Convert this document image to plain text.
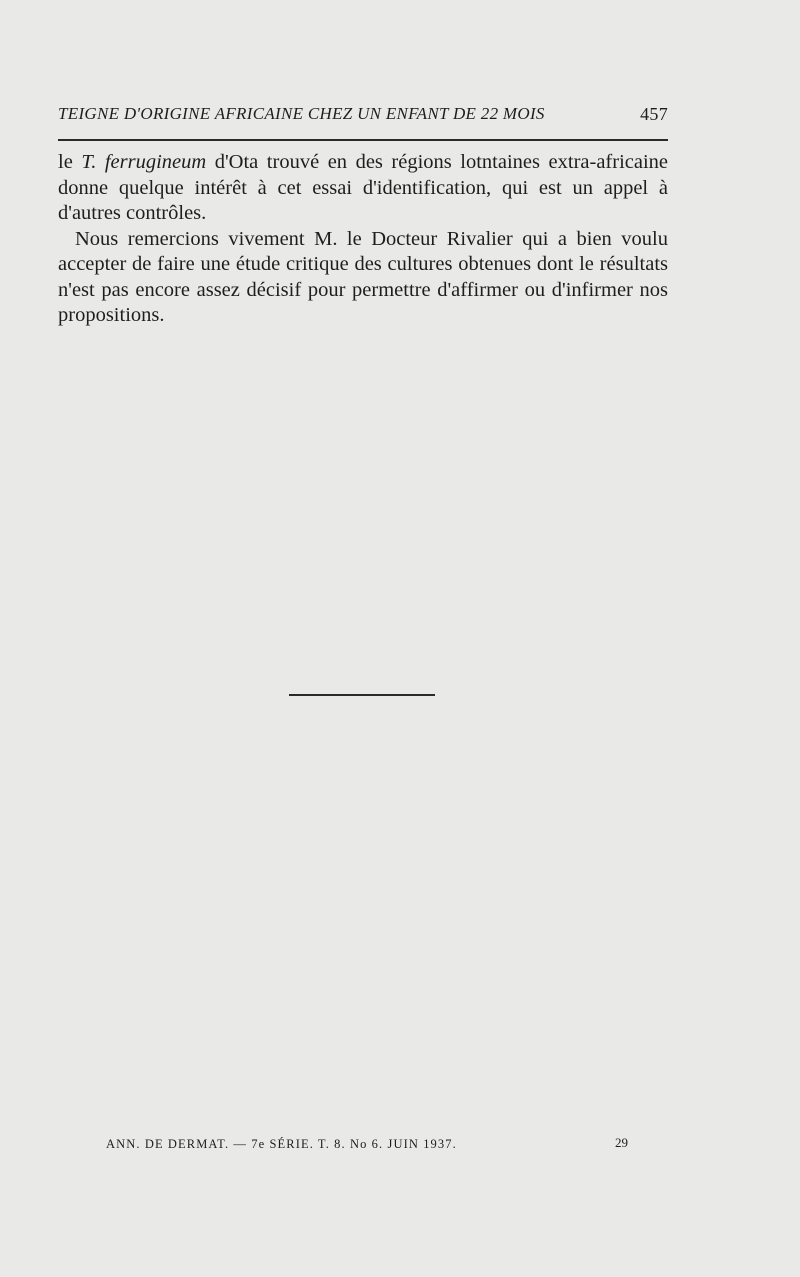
TEIGNE D'ORIGINE AFRICAINE CHEZ UN ENFANT DE 22 MOIS	457

le T. ferrugineum d'Ota trouvé en des régions lotntaines extra-africaine donne quelque intérêt à cet essai d'identification, qui est un appel à d'autres contrôles.

Nous remercions vivement M. le Docteur Rivalier qui a bien voulu accepter de faire une étude critique des cultures obtenues dont le résultats n'est pas encore assez décisif pour permettre d'affirmer ou d'infirmer nos propositions.

ANN. DE DERMAT. — 7e SÉRIE. T. 8. No 6. JUIN 1937.	29
